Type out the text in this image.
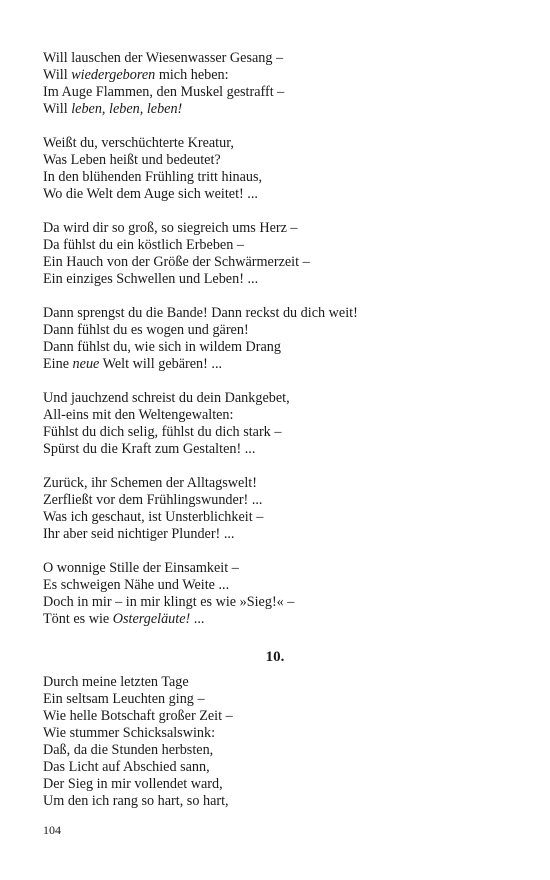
Will lauschen der Wiesenwasser Gesang –
Will wiedergeboren mich heben:
Im Auge Flammen, den Muskel gestrafft –
Will leben, leben, leben!
Weißt du, verschüchterte Kreatur,
Was Leben heißt und bedeutet?
In den blühenden Frühling tritt hinaus,
Wo die Welt dem Auge sich weitet! ...
Da wird dir so groß, so siegreich ums Herz –
Da fühlst du ein köstlich Erbeben –
Ein Hauch von der Größe der Schwärmerzeit –
Ein einziges Schwellen und Leben! ...
Dann sprengst du die Bande! Dann reckst du dich weit!
Dann fühlst du es wogen und gären!
Dann fühlst du, wie sich in wildem Drang
Eine neue Welt will gebären! ...
Und jauchzend schreist du dein Dankgebet,
All-eins mit den Weltengewalten:
Fühlst du dich selig, fühlst du dich stark –
Spürst du die Kraft zum Gestalten! ...
Zurück, ihr Schemen der Alltagswelt!
Zerfließt vor dem Frühlingswunder! ...
Was ich geschaut, ist Unsterblichkeit –
Ihr aber seid nichtiger Plunder! ...
O wonnige Stille der Einsamkeit –
Es schweigen Nähe und Weite ...
Doch in mir – in mir klingt es wie »Sieg!« –
Tönt es wie Ostergeläute! ...
10.
Durch meine letzten Tage
Ein seltsam Leuchten ging –
Wie helle Botschaft großer Zeit –
Wie stummer Schicksalswink:
Daß, da die Stunden herbsten,
Das Licht auf Abschied sann,
Der Sieg in mir vollendet ward,
Um den ich rang so hart, so hart,
104
